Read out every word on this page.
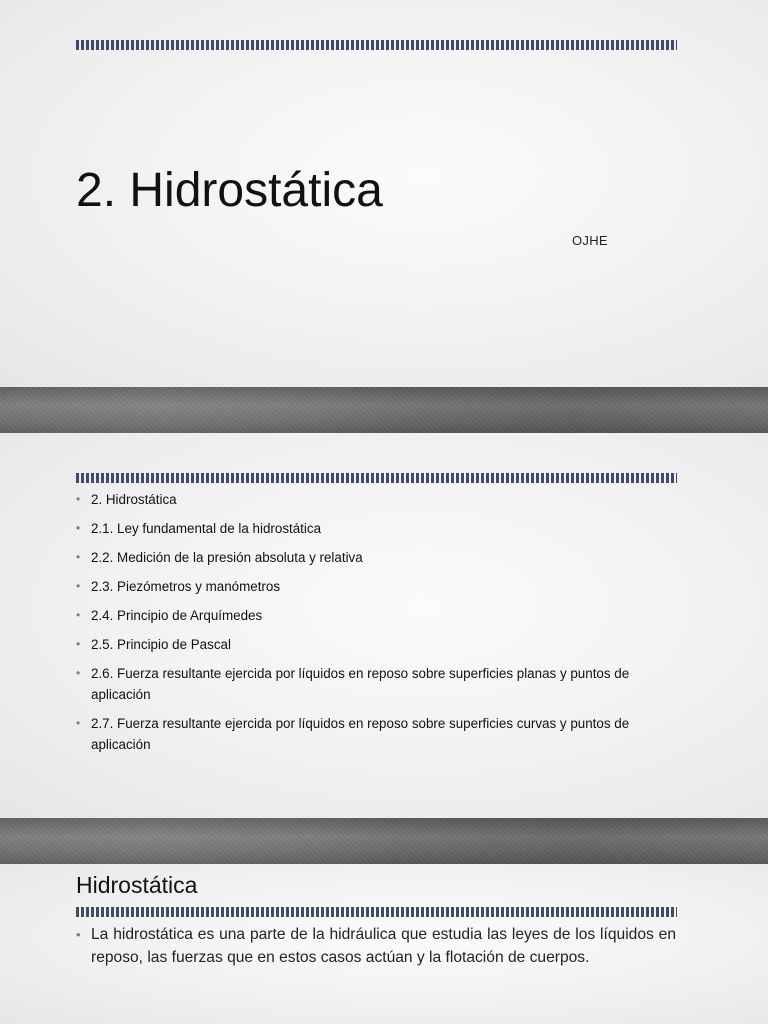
2. Hidrostática
OJHE
• 2. Hidrostática
• 2.1. Ley fundamental de la hidrostática
• 2.2. Medición de la presión absoluta y relativa
• 2.3. Piezómetros y manómetros
• 2.4. Principio de Arquímedes
• 2.5. Principio de Pascal
• 2.6. Fuerza resultante ejercida por líquidos en reposo sobre superficies planas y puntos de aplicación
• 2.7. Fuerza resultante ejercida por líquidos en reposo sobre superficies curvas y puntos de aplicación
Hidrostática
• La hidrostática es una parte de la hidráulica que estudia las leyes de los líquidos en reposo, las fuerzas que en estos casos actúan y la flotación de cuerpos.
